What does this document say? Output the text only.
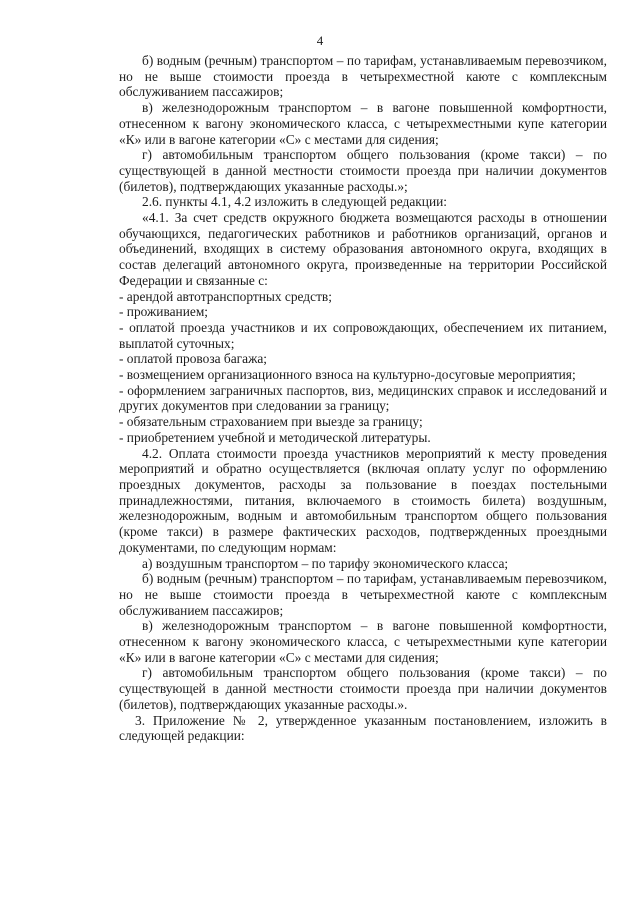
4

б) водным (речным) транспортом – по тарифам, устанавливаемым перевозчиком, но не выше стоимости проезда в четырехместной каюте с комплексным обслуживанием пассажиров;

в) железнодорожным транспортом – в вагоне повышенной комфортности, отнесенном к вагону экономического класса, с четырехместными купе категории «К» или в вагоне категории «С» с местами для сидения;

г) автомобильным транспортом общего пользования (кроме такси) – по существующей в данной местности стоимости проезда при наличии документов (билетов), подтверждающих указанные расходы.»;

2.6. пункты 4.1, 4.2 изложить в следующей редакции:

«4.1. За счет средств окружного бюджета возмещаются расходы в отношении обучающихся, педагогических работников и работников организаций, органов и объединений, входящих в систему образования автономного округа, входящих в состав делегаций автономного округа, произведенные на территории Российской Федерации и связанные с:

- арендой автотранспортных средств;

- проживанием;

- оплатой проезда участников и их сопровождающих, обеспечением их питанием, выплатой суточных;

- оплатой провоза багажа;

- возмещением организационного взноса на культурно-досуговые мероприятия;

- оформлением заграничных паспортов, виз, медицинских справок и исследований и других документов при следовании за границу;

- обязательным страхованием при выезде за границу;

- приобретением учебной и методической литературы.

4.2. Оплата стоимости проезда участников мероприятий к месту проведения мероприятий и обратно осуществляется (включая оплату услуг по оформлению проездных документов, расходы за пользование в поездах постельными принадлежностями, питания, включаемого в стоимость билета) воздушным, железнодорожным, водным и автомобильным транспортом общего пользования (кроме такси) в размере фактических расходов, подтвержденных проездными документами, по следующим нормам:

а) воздушным транспортом – по тарифу экономического класса;

б) водным (речным) транспортом – по тарифам, устанавливаемым перевозчиком, но не выше стоимости проезда в четырехместной каюте с комплексным обслуживанием пассажиров;

в) железнодорожным транспортом – в вагоне повышенной комфортности, отнесенном к вагону экономического класса, с четырехместными купе категории «К» или в вагоне категории «С» с местами для сидения;

г) автомобильным транспортом общего пользования (кроме такси) – по существующей в данной местности стоимости проезда при наличии документов (билетов), подтверждающих указанные расходы.».

3. Приложение № 2, утвержденное указанным постановлением, изложить в следующей редакции:
